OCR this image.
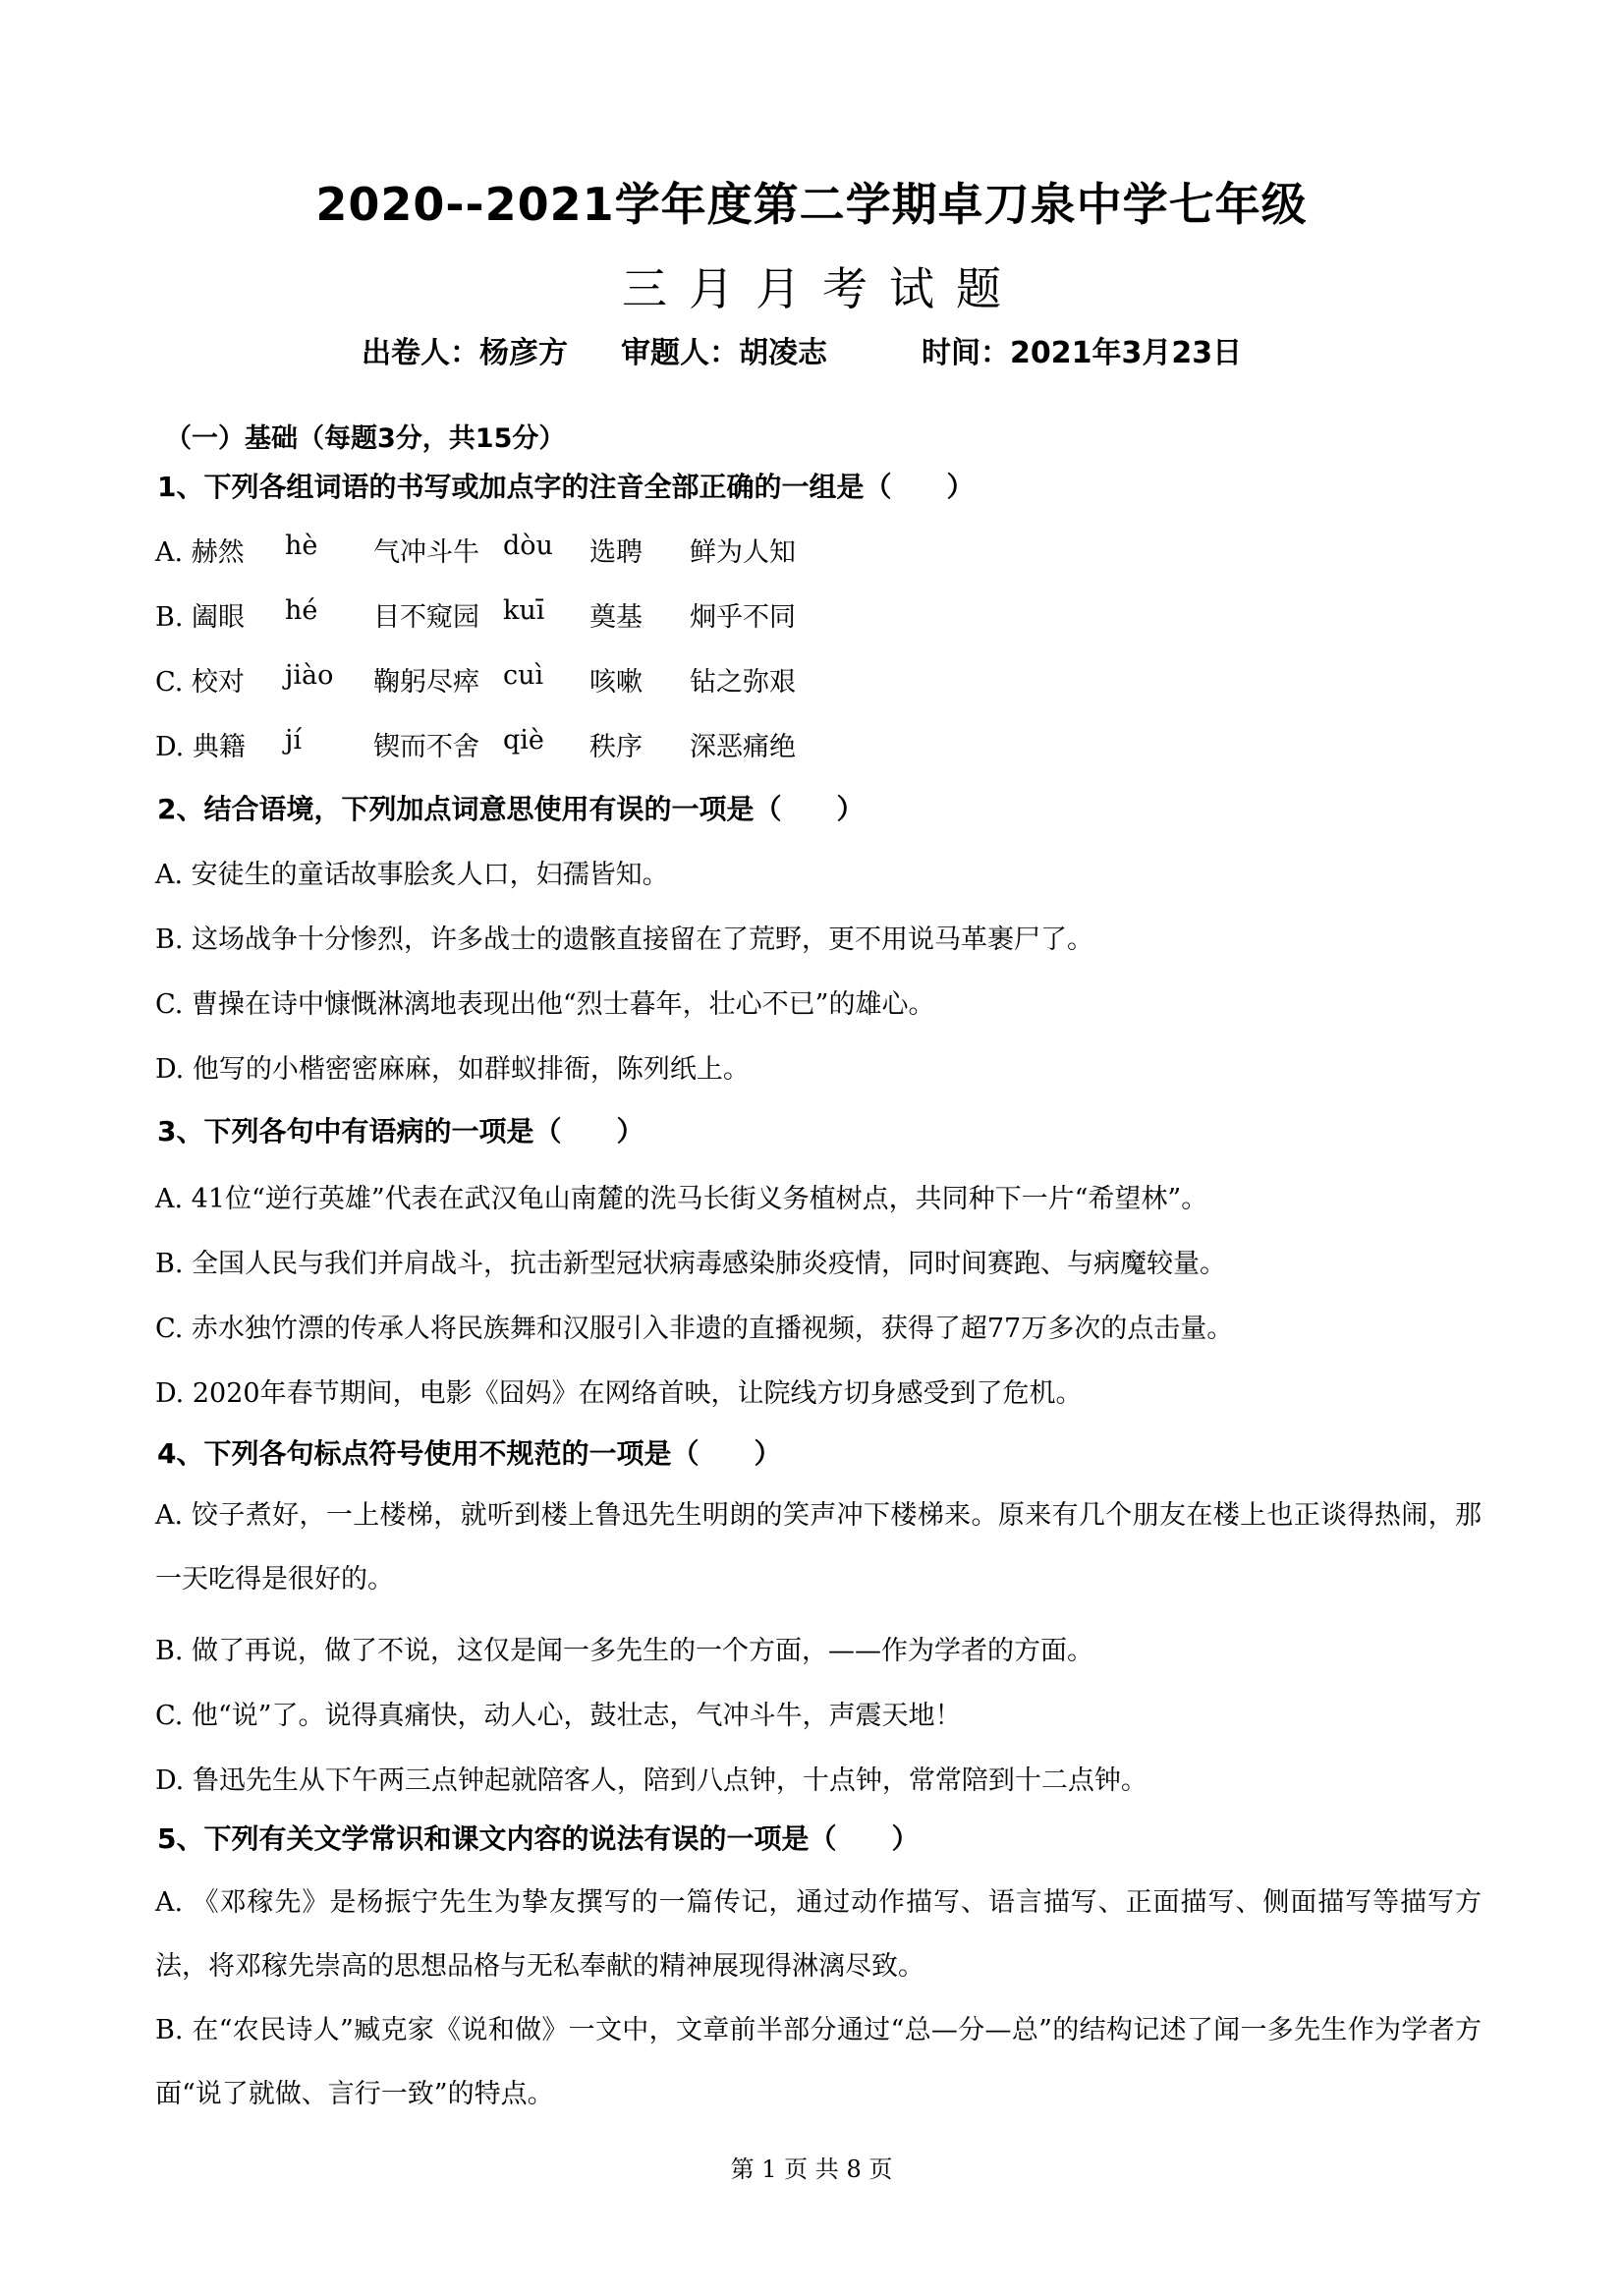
2020--2021学年度第二学期卓刀泉中学七年级
三月月考试题
出卷人：杨彦方 审题人：胡凌志	时间：2021年3月23日
（一）基础（每题3分，共15分）
1、下列各组词语的书写或加点字的注音全部正确的一组是（　　）
A. 赫然 hè 气冲斗牛 dòu 选聘 鲜为人知
B. 阖眼 hé 目不窥园 kuī 奠基 炯乎不同
C. 校对 jiào 鞠躬尽瘁 cuì 咳嗽 钻之弥艰
D. 典籍 jí	锲而不舍 qiè 秩序 深恶痛绝
2、结合语境，下列加点词意思使用有误的一项是（　　）
A. 安徒生的童话故事脍炙人口，妇孺皆知。
B. 这场战争十分惨烈，许多战士的遗骸直接留在了荒野，更不用说马革裹尸了。
C. 曹操在诗中慷慨淋漓地表现出他“烈士暮年，壮心不已”的雄心。
D. 他写的小楷密密麻麻，如群蚁排衙，陈列纸上。
3、下列各句中有语病的一项是（　　）
A. 41位“逆行英雄”代表在武汉龟山南麓的洗马长街义务植树点，共同种下一片“希望林”。
B. 全国人民与我们并肩战斗，抗击新型冠状病毒感染肺炎疫情，同时间赛跑、与病魔较量。
C. 赤水独竹漂的传承人将民族舞和汉服引入非遗的直播视频，获得了超77万多次的点击量。
D. 2020年春节期间，电影《囧妈》在网络首映，让院线方切身感受到了危机。
4、下列各句标点符号使用不规范的一项是（　　）
A. 饺子煮好，一上楼梯，就听到楼上鲁迅先生明朗的笑声冲下楼梯来。原来有几个朋友在楼上也正谈得热闹，那一天吃得是很好的。
B. 做了再说，做了不说，这仅是闻一多先生的一个方面，——作为学者的方面。
C. 他“说”了。说得真痛快，动人心，鼓壮志，气冲斗牛，声震天地！
D. 鲁迅先生从下午两三点钟起就陪客人，陪到八点钟，十点钟，常常陪到十二点钟。
5、下列有关文学常识和课文内容的说法有误的一项是（　　）
A. 《邓稼先》是杨振宁先生为挚友撰写的一篇传记，通过动作描写、语言描写、正面描写、侧面描写等描写方法，将邓稼先崇高的思想品格与无私奉献的精神展现得淋漓尽致。
B. 在“农民诗人”臧克家《说和做》一文中，文章前半部分通过“总—分—总”的结构记述了闻一多先生作为学者方面“说了就做、言行一致”的特点。
第 1 页 共 8 页
